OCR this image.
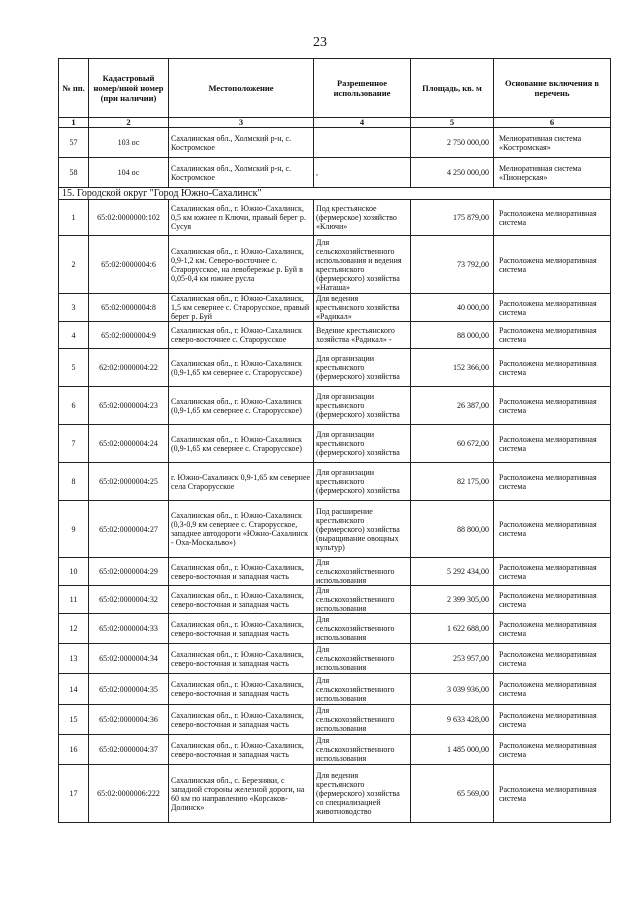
23
№ пп.	Кадастровый номер/иной номер (при наличии)	Местоположение	Разрешенное использование	Площадь, кв. м	Основание включения в перечень
1	2	3	4	5	6
57	103 ос	Сахалинская обл., Холмский р-н, с. Костромское		2 750 000,00	Мелиоративная система «Костромская»
58	104 ос	Сахалинская обл., Холмский р-н, с. Костромское	,	4 250 000,00	Мелиоративная система «Пионерская»
15. Городской округ "Город Южно-Сахалинск"					
1	65:02:0000000:102	Сахалинская обл., г. Южно-Сахалинск, 0,5 км южнее п Ключи, правый берег р. Сусуя	Под крестьянское (фермерское) хозяйство «Ключи»	175 879,00	Расположена мелиоративная система
2	65:02:0000004:6	Сахалинская обл., г. Южно-Сахалинск, 0,9-1,2 км. Северо-восточнее с. Старорусское, на левобережье р. Буй в 0,05-0,4 км южнее русла	Для сельскохозяйственного использования и ведения крестьянского (фермерского) хозяйства «Наташа»	73 792,00	Расположена мелиоративная система
3	65:02:0000004:8	Сахалинская обл., г. Южно-Сахалинск, 1,5 км севернее с. Старорусское, правый берег р. Буй	Для ведения крестьянского хозяйства «Радикал»	40 000,00	Расположена мелиоративная система
4	65:02:0000004:9	Сахалинская обл., г. Южно-Сахалинск северо-восточнее с. Старорусское	Ведение крестьянского хозяйства «Радикал» -	88 000,00	Расположена мелиоративная система
5	62:02:0000004:22	Сахалинская обл., г. Южно-Сахалинск (0,9-1,65 км севернее с. Старорусское)	Для организации крестьянского (фермерского) хозяйства	152 366,00	Расположена мелиоративная система
6	65:02:0000004:23	Сахалинская обл., г. Южно-Сахалинск (0,9-1,65 км севернее с. Старорусское)	Для организации крестьянского (фермерского) хозяйства	26 387,00	Расположена мелиоративная система
7	65:02:0000004:24	Сахалинская обл., г. Южно-Сахалинск (0,9-1,65 км севернее с. Старорусское)	Для организации крестьянского (фермерского) хозяйства	60 672,00	Расположена мелиоративная система
8	65:02:0000004:25	г. Южно-Сахалинск 0,9-1,65 км севернее села Старорусское	Для организации крестьянского (фермерского) хозяйства	82 175,00	Расположена мелиоративная система
9	65:02:0000004:27	Сахалинская обл., г. Южно-Сахалинск (0,3-0,9 км севернее с. Старорусское, западнее автодороги «Южно-Сахалинск - Оха-Москальво»)	Под расширение крестьянского (фермерского) хозяйства (выращивание овощных культур)	88 800,00	Расположена мелиоративная система
10	65:02:0000004:29	Сахалинская обл., г. Южно-Сахалинск, северо-восточная и западная часть	Для сельскохозяйственного использования	5 292 434,00	Расположена мелиоративная система
11	65:02:0000004:32	Сахалинская обл., г. Южно-Сахалинск, северо-восточная и западная часть	Для сельскохозяйственного использования	2 399 305,00	Расположена мелиоративная система
12	65:02:0000004:33	Сахалинская обл., г. Южно-Сахалинск, северо-восточная и западная часть	Для сельскохозяйственного использования	1 622 688,00	Расположена мелиоративная система
13	65:02:0000004:34	Сахалинская обл., г. Южно-Сахалинск, северо-восточная и западная часть	Для сельскохозяйственного использования	253 957,00	Расположена мелиоративная система
14	65:02:0000004:35	Сахалинская обл., г. Южно-Сахалинск, северо-восточная и западная часть	Для сельскохозяйственного использования	3 039 936,00	Расположена мелиоративная система
15	65:02:0000004:36	Сахалинская обл., г. Южно-Сахалинск, северо-восточная и западная часть	Для сельскохозяйственного использования	9 633 428,00	Расположена мелиоративная система
16	65:02:0000004:37	Сахалинская обл., г. Южно-Сахалинск, северо-восточная и западная часть	Для сельскохозяйственного использования	1 485 000,00	Расположена мелиоративная система
17	65:02:0000006:222	Сахалинская обл., с. Березняки, с западной стороны железной дороги, на 60 км по направлению «Корсаков-Долинск»	Для ведения крестьянского (фермерского) хозяйства со специализацией животноводство	65 569,00	Расположена мелиоративная система
